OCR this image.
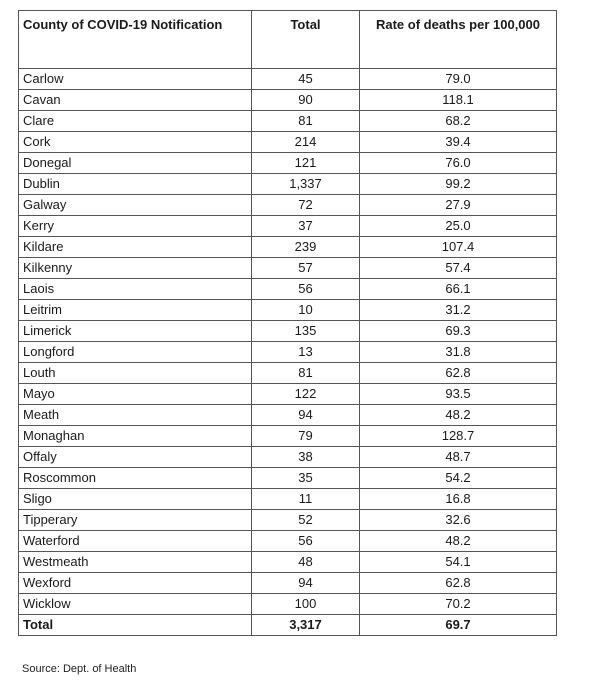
County of COVID-19 Notification	Total	Rate of deaths per 100,000
Carlow	45	79.0
Cavan	90	118.1
Clare	81	68.2
Cork	214	39.4
Donegal	121	76.0
Dublin	1,337	99.2
Galway	72	27.9
Kerry	37	25.0
Kildare	239	107.4
Kilkenny	57	57.4
Laois	56	66.1
Leitrim	10	31.2
Limerick	135	69.3
Longford	13	31.8
Louth	81	62.8
Mayo	122	93.5
Meath	94	48.2
Monaghan	79	128.7
Offaly	38	48.7
Roscommon	35	54.2
Sligo	11	16.8
Tipperary	52	32.6
Waterford	56	48.2
Westmeath	48	54.1
Wexford	94	62.8
Wicklow	100	70.2
Total	3,317	69.7
Source: Dept. of Health
